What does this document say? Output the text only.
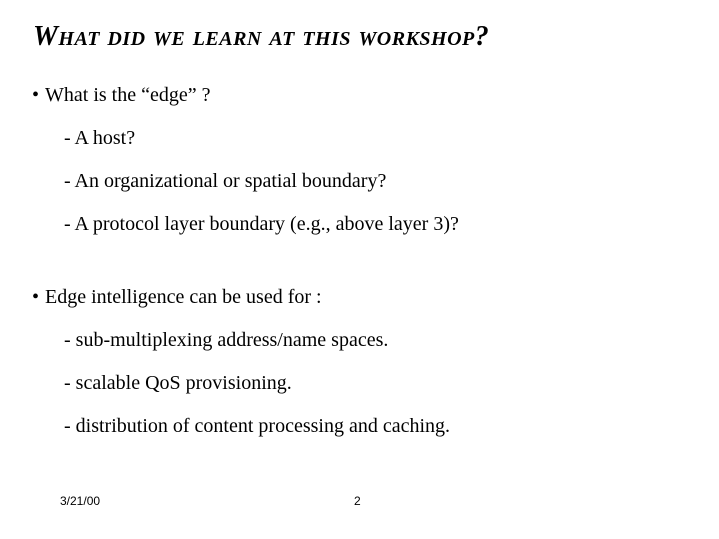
What did we learn at this workshop?
• What is the “edge” ?
- A host?
- An organizational or spatial boundary?
- A protocol layer boundary (e.g., above layer 3)?
• Edge intelligence can be used for :
- sub-multiplexing address/name spaces.
- scalable QoS provisioning.
- distribution of content processing and caching.
3/21/00	2
